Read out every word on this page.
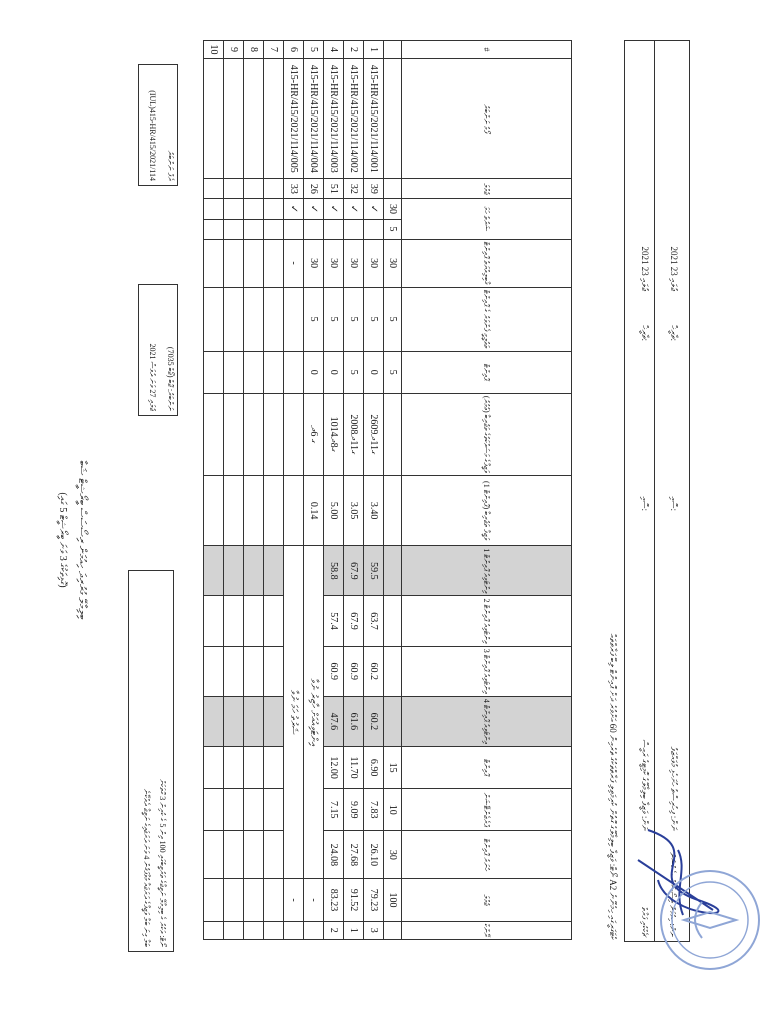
ބިލިމާލޭ ގުރުރިދަ ހިއުމަން ރިސޯސަސް ބީރޯޝީޓް ޝަބާ
(ގޮޅިތަކުގެ 3 ވަނަ ބީރޯޝީޓް 5 ގައި)
ރެފް ނަންބަރު
(IUL)415-HR/415/2021/114
ނަންބަރު: ޖޮބް (ޖޯބް 7035)
2021 ޖުލައި 27 ވަނަ ދުވަސް
ނޯޓް: އަކުރު ގެ ބިލިމާލޭ ނަތީޖާގެ ތަރުތީބުގައި 100 އިން 5 ގެ ކުރިން 3 ގޮތަކަށް
ބަލާ ގިނަ ބަލާ ވަޒީފާގެ ދަރަޖައާ މުވާފަޤުން 4 ވަނަ ދަރަޖައިގެ ނަތީޖާ ދެއްކޭނެ
#	ފޯމު ނަންބަރު	ޖުމްލަ	ޝަރުތު ހަމަ		ޤާބިލިއްޔަތު ޕޮއިންޓް	ތަޢުލީމީ ފެންވަރު ގެ ޕޮއިންޓް	ޕޮއިންޓް	ވަޒީފާގެ މަސައްކަތުގެ ތަޖުރިބާ (ޢުމުރު)	ވަޒީފާ ތަޖުރިބާ (ޕޮއިންޓް 1)	1 އިންޓަވިއު ޕޮއިންޓް	2 އިންޓަވިއު ޕޮއިންޓް	3 އިންޓަވިއު ޕޮއިންޓް	4 އިންޓަވިއު ޕޮއިންޓް	ޕޮއިންޓް	ޕްރެޒެންޓޭޝަން	ހުނަރު ޕޮއިންޓް	ޖުމްލަ	ރޭންކް
			30	5	30	5	5							15	10	30	100	
1	415-HR/415/2021/114/001	39	✓		30	5	0	26ގ11ދ09	3.40	59.5	63.7	60.2	60.2	6.90	7.83	26.10	79.23	3
2	415-HR/415/2021/114/002	32	✓		30	5	5	20ގ11ދ08	3.05	67.9	67.9	60.9	61.6	11.70	9.09	27.68	91.52	1
4	415-HR/415/2021/114/003	51	✓		30	5	0	10ގ8ދ14	5.00	58.8	57.4	60.9	47.6	12.00	7.15	24.08	83.23	2
5	415-HR/415/2021/114/004	26	✓		30	5	0	ގ 6ދ	0.14	އިންޓަވިއުއަށް ހާޒިރު ނުވާ							-	
6	415-HR/415/2021/114/005	33	✓		-					ޝަރުތު ހަމަ ނުވާ							-	
7																		
8																		
9																		
10																		
ނޯޓް: ވަޒީފާ ބިލިމާލޭގެ ގޮތުން ކުރިމަތިލި ފަރާތްތަކުގެ ތެރެއިން 60 އަށްވުރެ ދަށް ޕޮއިންޓް ލިބޭ ފަރާތްތައް A2 ކެޓަގަރީގައި ހިމެނޭނެ
ނަން: ފިހުރިސްތު ހުށަހެޅި މުވައްޒަފު
ސޮއި:
ތާރީޚް:
2021 ޖުލައި 23
ނަން: ވަޒީފާ ބިލިމާލޭގެ ކޮމިޓީގެ ރައީސް
ސޮއި:
ތާރީޚް:
2021 ޖުލައި 23
ނަން: ހިއުމަން ރިސޯސަސް ސެކްޝަން
ޗެކްކުރި ފަރާތް
